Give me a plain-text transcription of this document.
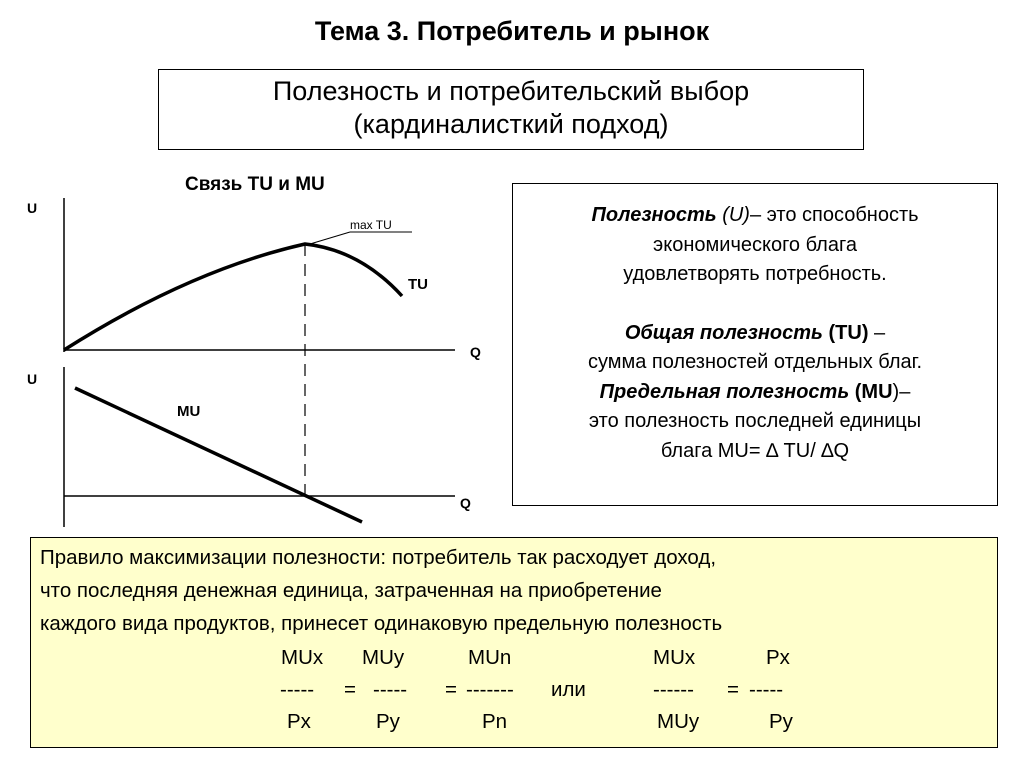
Тема 3. Потребитель и рынок
Полезность и потребительский выбор
(кардиналисткий подход)
Связь TU и MU
U
Q
TU
max TU
U
Q
MU
Полезность (U)– это способность
экономического блага
удовлетворять потребность.
Общая полезность (TU) –
сумма полезностей отдельных благ.
Предельная полезность (MU)–
это полезность последней единицы
блага MU= ∆ TU/ ∆Q
Правило максимизации полезности: потребитель так расходует доход,
что последняя денежная единица, затраченная на приобретение
каждого вида продуктов, принесет одинаковую предельную полезность
MUx MUy	MUn	MUx	Px
----- = ----- = ------- или	------ = -----
Px	Py	Pn	MUy	Py
